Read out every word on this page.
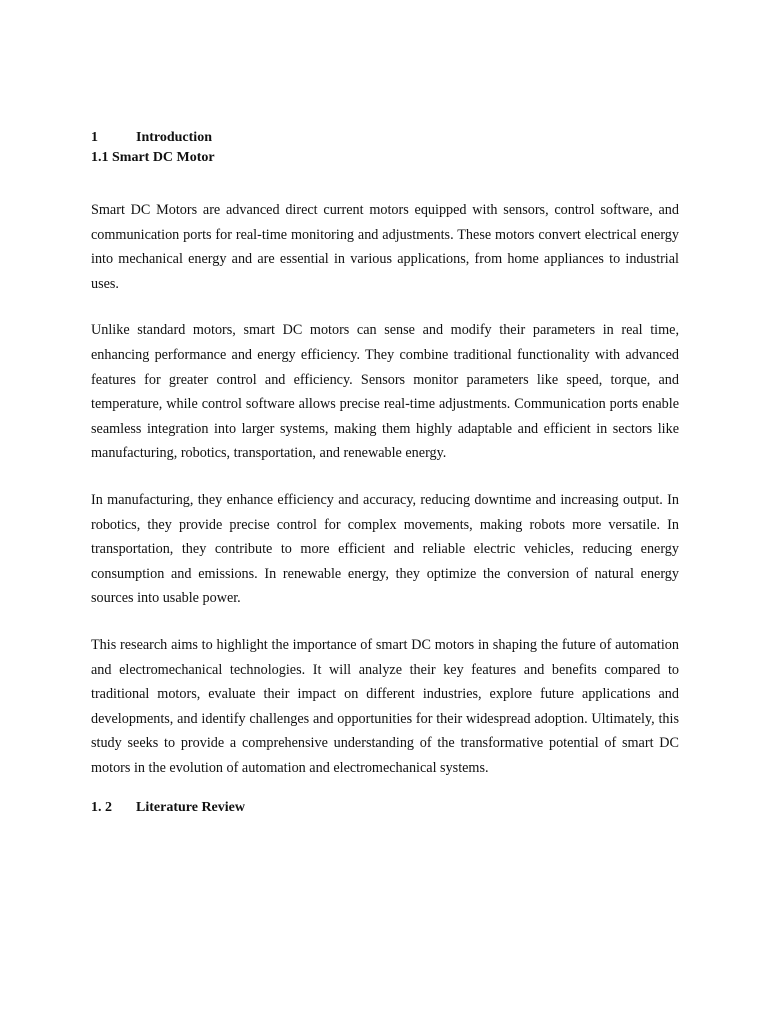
1	Introduction
1.1 Smart DC Motor

Smart DC Motors are advanced direct current motors equipped with sensors, control software, and communication ports for real-time monitoring and adjustments. These motors convert electrical energy into mechanical energy and are essential in various applications, from home appliances to industrial uses.

Unlike standard motors, smart DC motors can sense and modify their parameters in real time, enhancing performance and energy efficiency. They combine traditional functionality with advanced features for greater control and efficiency. Sensors monitor parameters like speed, torque, and temperature, while control software allows precise real-time adjustments. Communication ports enable seamless integration into larger systems, making them highly adaptable and efficient in sectors like manufacturing, robotics, transportation, and renewable energy.

In manufacturing, they enhance efficiency and accuracy, reducing downtime and increasing output. In robotics, they provide precise control for complex movements, making robots more versatile. In transportation, they contribute to more efficient and reliable electric vehicles, reducing energy consumption and emissions. In renewable energy, they optimize the conversion of natural energy sources into usable power.

This research aims to highlight the importance of smart DC motors in shaping the future of automation and electromechanical technologies. It will analyze their key features and benefits compared to traditional motors, evaluate their impact on different industries, explore future applications and developments, and identify challenges and opportunities for their widespread adoption. Ultimately, this study seeks to provide a comprehensive understanding of the transformative potential of smart DC motors in the evolution of automation and electromechanical systems.

1. 2 Literature Review
